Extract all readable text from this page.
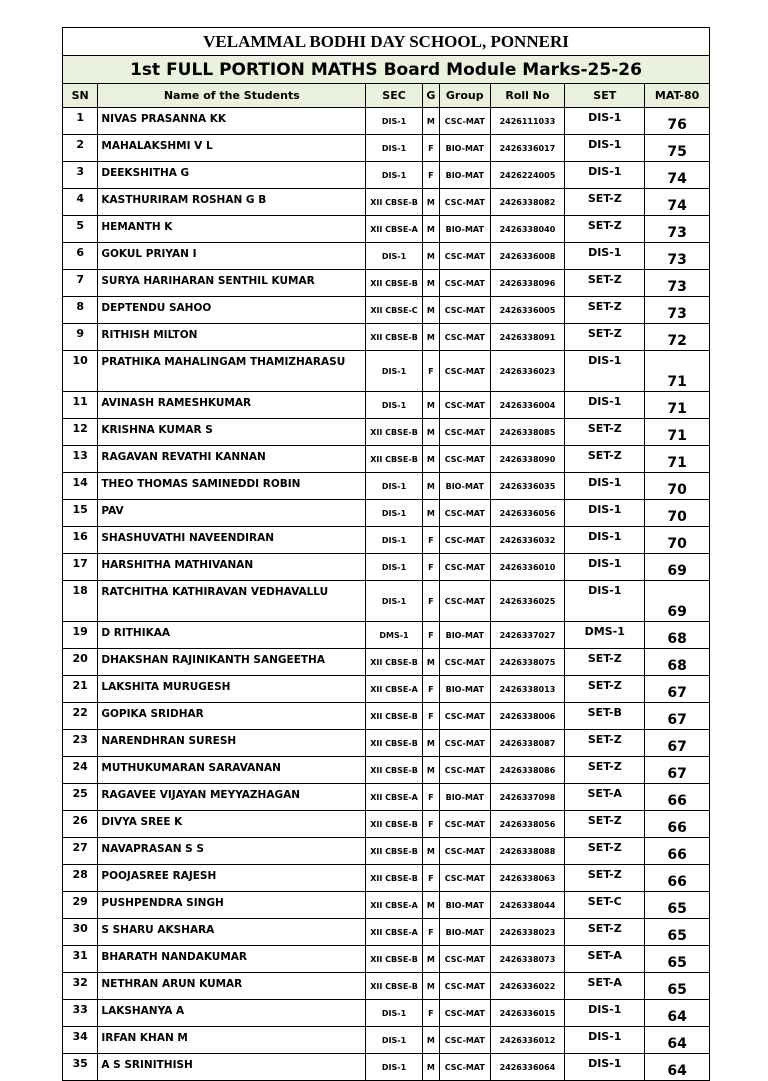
VELAMMAL BODHI DAY SCHOOL, PONNERI							
1st FULL PORTION MATHS Board Module Marks-25-26							
SN	Name of the Students	SEC	G	Group	Roll No	SET	MAT-80
1	NIVAS PRASANNA KK	DIS-1	M	CSC-MAT	2426111033	DIS-1	76
2	MAHALAKSHMI V L	DIS-1	F	BIO-MAT	2426336017	DIS-1	75
3	DEEKSHITHA G	DIS-1	F	BIO-MAT	2426224005	DIS-1	74
4	KASTHURIRAM ROSHAN G B	XII CBSE-B	M	CSC-MAT	2426338082	SET-Z	74
5	HEMANTH K	XII CBSE-A	M	BIO-MAT	2426338040	SET-Z	73
6	GOKUL PRIYAN I	DIS-1	M	CSC-MAT	2426336008	DIS-1	73
7	SURYA HARIHARAN SENTHIL KUMAR	XII CBSE-B	M	CSC-MAT	2426338096	SET-Z	73
8	DEPTENDU SAHOO	XII CBSE-C	M	CSC-MAT	2426336005	SET-Z	73
9	RITHISH MILTON	XII CBSE-B	M	CSC-MAT	2426338091	SET-Z	72
10	PRATHIKA MAHALINGAM THAMIZHARASU	DIS-1	F	CSC-MAT	2426336023	DIS-1	71
11	AVINASH RAMESHKUMAR	DIS-1	M	CSC-MAT	2426336004	DIS-1	71
12	KRISHNA KUMAR S	XII CBSE-B	M	CSC-MAT	2426338085	SET-Z	71
13	RAGAVAN REVATHI KANNAN	XII CBSE-B	M	CSC-MAT	2426338090	SET-Z	71
14	THEO THOMAS SAMINEDDI ROBIN	DIS-1	M	BIO-MAT	2426336035	DIS-1	70
15	PAV	DIS-1	M	CSC-MAT	2426336056	DIS-1	70
16	SHASHUVATHI NAVEENDIRAN	DIS-1	F	CSC-MAT	2426336032	DIS-1	70
17	HARSHITHA MATHIVANAN	DIS-1	F	CSC-MAT	2426336010	DIS-1	69
18	RATCHITHA KATHIRAVAN VEDHAVALLU	DIS-1	F	CSC-MAT	2426336025	DIS-1	69
19	D RITHIKAA	DMS-1	F	BIO-MAT	2426337027	DMS-1	68
20	DHAKSHAN RAJINIKANTH SANGEETHA	XII CBSE-B	M	CSC-MAT	2426338075	SET-Z	68
21	LAKSHITA MURUGESH	XII CBSE-A	F	BIO-MAT	2426338013	SET-Z	67
22	GOPIKA SRIDHAR	XII CBSE-B	F	CSC-MAT	2426338006	SET-B	67
23	NARENDHRAN SURESH	XII CBSE-B	M	CSC-MAT	2426338087	SET-Z	67
24	MUTHUKUMARAN SARAVANAN	XII CBSE-B	M	CSC-MAT	2426338086	SET-Z	67
25	RAGAVEE VIJAYAN MEYYAZHAGAN	XII CBSE-A	F	BIO-MAT	2426337098	SET-A	66
26	DIVYA SREE K	XII CBSE-B	F	CSC-MAT	2426338056	SET-Z	66
27	NAVAPRASAN S S	XII CBSE-B	M	CSC-MAT	2426338088	SET-Z	66
28	POOJASREE RAJESH	XII CBSE-B	F	CSC-MAT	2426338063	SET-Z	66
29	PUSHPENDRA SINGH	XII CBSE-A	M	BIO-MAT	2426338044	SET-C	65
30	S SHARU AKSHARA	XII CBSE-A	F	BIO-MAT	2426338023	SET-Z	65
31	BHARATH NANDAKUMAR	XII CBSE-B	M	CSC-MAT	2426338073	SET-A	65
32	NETHRAN ARUN KUMAR	XII CBSE-B	M	CSC-MAT	2426336022	SET-A	65
33	LAKSHANYA A	DIS-1	F	CSC-MAT	2426336015	DIS-1	64
34	IRFAN KHAN M	DIS-1	M	CSC-MAT	2426336012	DIS-1	64
35	A S SRINITHISH	DIS-1	M	CSC-MAT	2426336064	DIS-1	64
